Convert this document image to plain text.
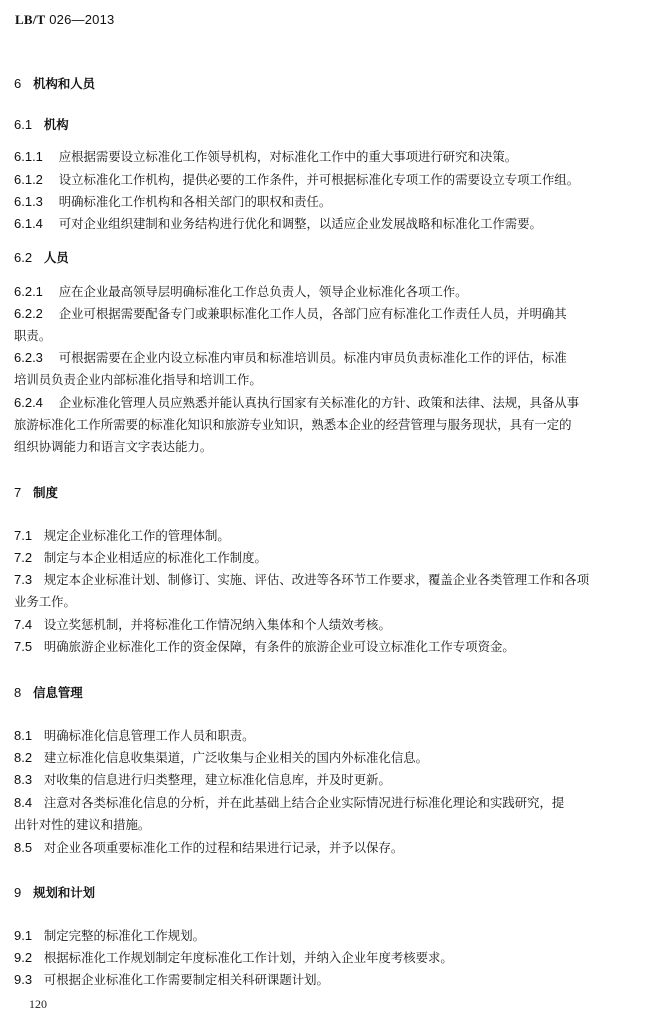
LB/T 026—2013
6 机构和人员
6.1 机构
6.1.1 应根据需要设立标准化工作领导机构，对标准化工作中的重大事项进行研究和决策。
6.1.2 设立标准化工作机构，提供必要的工作条件，并可根据标准化专项工作的需要设立专项工作组。
6.1.3 明确标准化工作机构和各相关部门的职权和责任。
6.1.4 可对企业组织建制和业务结构进行优化和调整，以适应企业发展战略和标准化工作需要。
6.2 人员
6.2.1 应在企业最高领导层明确标准化工作总负责人，领导企业标准化各项工作。
6.2.2 企业可根据需要配备专门或兼职标准化工作人员，各部门应有标准化工作责任人员，并明确其
职责。
6.2.3 可根据需要在企业内设立标准内审员和标准培训员。标准内审员负责标准化工作的评估，标准
培训员负责企业内部标准化指导和培训工作。
6.2.4 企业标准化管理人员应熟悉并能认真执行国家有关标准化的方针、政策和法律、法规，具备从事
旅游标准化工作所需要的标准化知识和旅游专业知识，熟悉本企业的经营管理与服务现状，具有一定的
组织协调能力和语言文字表达能力。
7 制度
7.1 规定企业标准化工作的管理体制。
7.2 制定与本企业相适应的标准化工作制度。
7.3 规定本企业标准计划、制修订、实施、评估、改进等各环节工作要求，覆盖企业各类管理工作和各项
业务工作。
7.4 设立奖惩机制，并将标准化工作情况纳入集体和个人绩效考核。
7.5 明确旅游企业标准化工作的资金保障，有条件的旅游企业可设立标准化工作专项资金。
8 信息管理
8.1 明确标准化信息管理工作人员和职责。
8.2 建立标准化信息收集渠道，广泛收集与企业相关的国内外标准化信息。
8.3 对收集的信息进行归类整理，建立标准化信息库，并及时更新。
8.4 注意对各类标准化信息的分析，并在此基础上结合企业实际情况进行标准化理论和实践研究，提
出针对性的建议和措施。
8.5 对企业各项重要标准化工作的过程和结果进行记录，并予以保存。
9 规划和计划
9.1 制定完整的标准化工作规划。
9.2 根据标准化工作规划制定年度标准化工作计划，并纳入企业年度考核要求。
9.3 可根据企业标准化工作需要制定相关科研课题计划。
120
